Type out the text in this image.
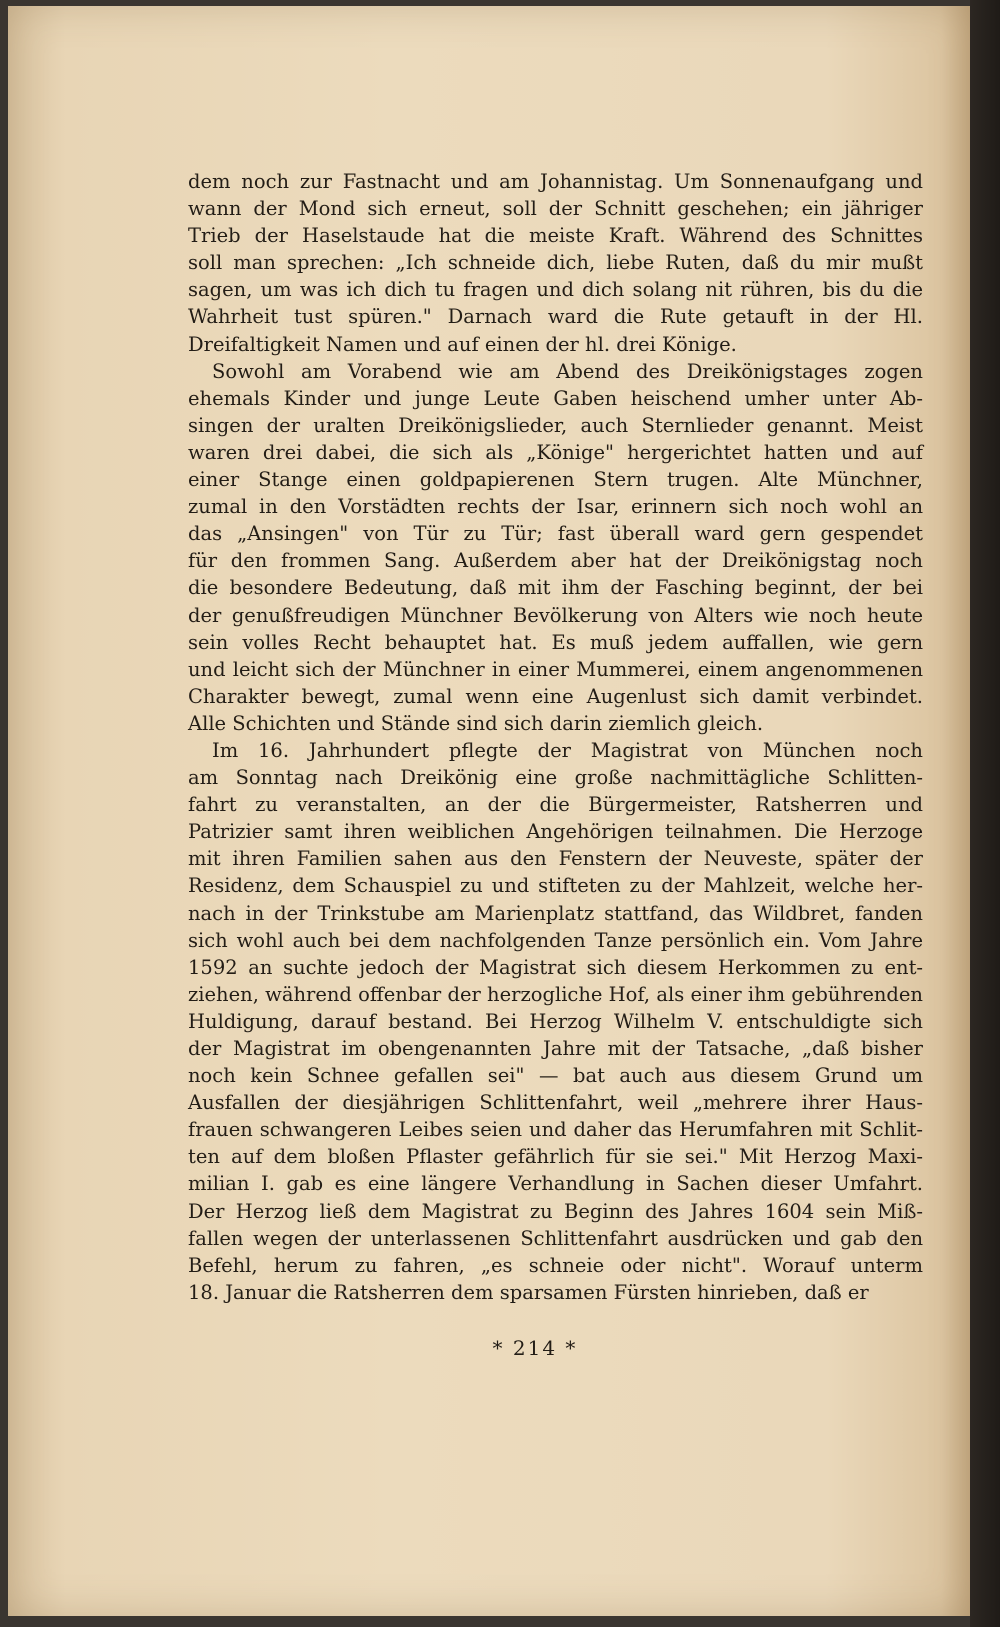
dem noch zur Fastnacht und am Johannistag. Um Sonnenaufgang und
wann der Mond sich erneut, soll der Schnitt geschehen; ein jähriger
Trieb der Haselstaude hat die meiste Kraft. Während des Schnittes
soll man sprechen: „Ich schneide dich, liebe Ruten, daß du mir mußt
sagen, um was ich dich tu fragen und dich solang nit rühren, bis du die
Wahrheit tust spüren." Darnach ward die Rute getauft in der Hl.
Dreifaltigkeit Namen und auf einen der hl. drei Könige.
Sowohl am Vorabend wie am Abend des Dreikönigstages zogen
ehemals Kinder und junge Leute Gaben heischend umher unter Ab-
singen der uralten Dreikönigslieder, auch Sternlieder genannt. Meist
waren drei dabei, die sich als „Könige" hergerichtet hatten und auf
einer Stange einen goldpapierenen Stern trugen. Alte Münchner,
zumal in den Vorstädten rechts der Isar, erinnern sich noch wohl an
das „Ansingen" von Tür zu Tür; fast überall ward gern gespendet
für den frommen Sang. Außerdem aber hat der Dreikönigstag noch
die besondere Bedeutung, daß mit ihm der Fasching beginnt, der bei
der genußfreudigen Münchner Bevölkerung von Alters wie noch heute
sein volles Recht behauptet hat. Es muß jedem auffallen, wie gern
und leicht sich der Münchner in einer Mummerei, einem angenommenen
Charakter bewegt, zumal wenn eine Augenlust sich damit verbindet.
Alle Schichten und Stände sind sich darin ziemlich gleich.
Im 16. Jahrhundert pflegte der Magistrat von München noch
am Sonntag nach Dreikönig eine große nachmittägliche Schlitten-
fahrt zu veranstalten, an der die Bürgermeister, Ratsherren und
Patrizier samt ihren weiblichen Angehörigen teilnahmen. Die Herzoge
mit ihren Familien sahen aus den Fenstern der Neuveste, später der
Residenz, dem Schauspiel zu und stifteten zu der Mahlzeit, welche her-
nach in der Trinkstube am Marienplatz stattfand, das Wildbret, fanden
sich wohl auch bei dem nachfolgenden Tanze persönlich ein. Vom Jahre
1592 an suchte jedoch der Magistrat sich diesem Herkommen zu ent-
ziehen, während offenbar der herzogliche Hof, als einer ihm gebührenden
Huldigung, darauf bestand. Bei Herzog Wilhelm V. entschuldigte sich
der Magistrat im obengenannten Jahre mit der Tatsache, „daß bisher
noch kein Schnee gefallen sei" — bat auch aus diesem Grund um
Ausfallen der diesjährigen Schlittenfahrt, weil „mehrere ihrer Haus-
frauen schwangeren Leibes seien und daher das Herumfahren mit Schlit-
ten auf dem bloßen Pflaster gefährlich für sie sei." Mit Herzog Maxi-
milian I. gab es eine längere Verhandlung in Sachen dieser Umfahrt.
Der Herzog ließ dem Magistrat zu Beginn des Jahres 1604 sein Miß-
fallen wegen der unterlassenen Schlittenfahrt ausdrücken und gab den
Befehl, herum zu fahren, „es schneie oder nicht". Worauf unterm
18. Januar die Ratsherren dem sparsamen Fürsten hinrieben, daß er
* 214 *
